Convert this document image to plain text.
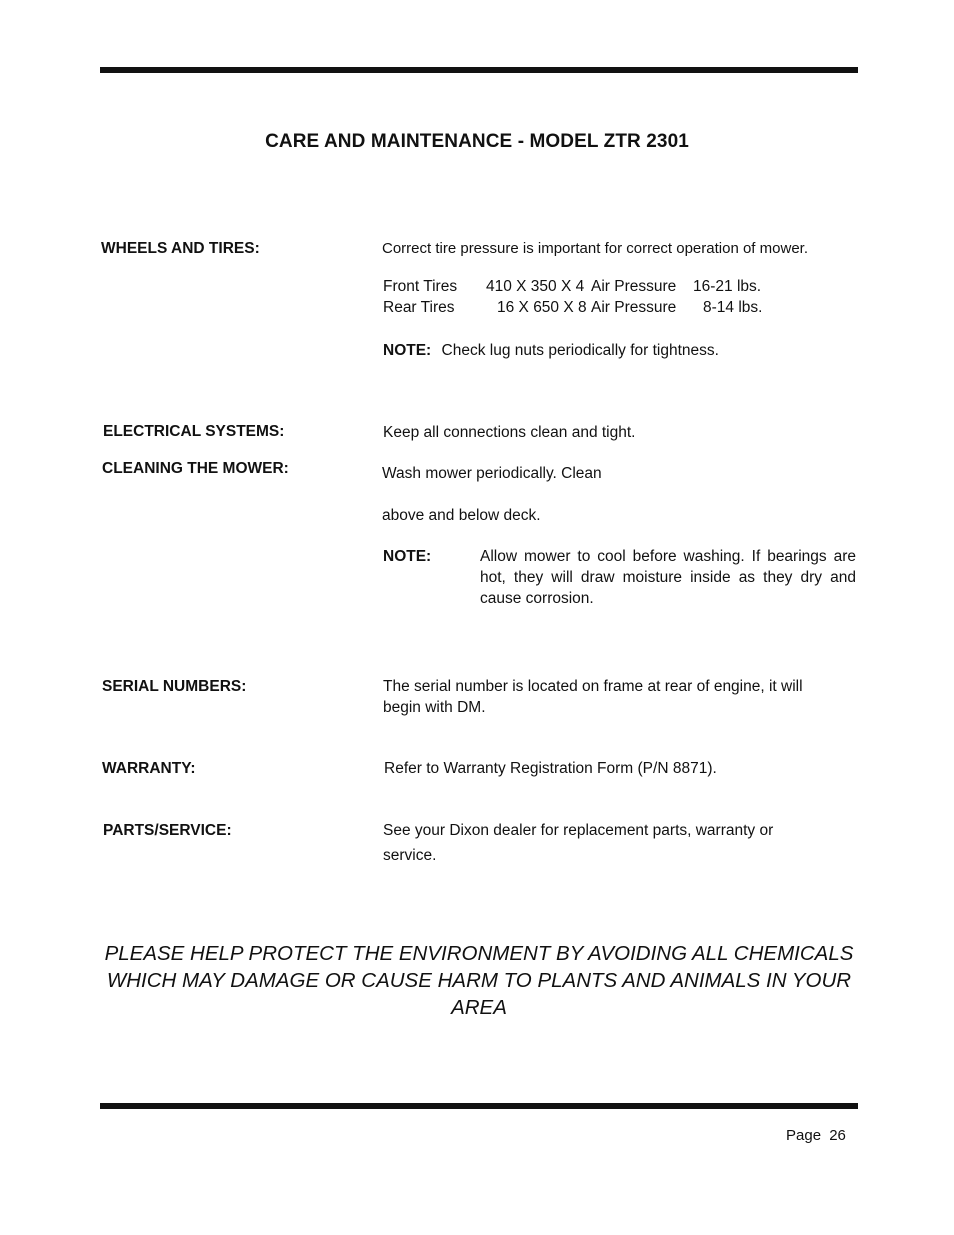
CARE AND MAINTENANCE - MODEL ZTR 2301
WHEELS AND TIRES:	Correct tire pressure is important for correct operation of mower.
Front Tires 410 X 350 X 4 Air Pressure 16-21 lbs.
Rear Tires	16 X 650 X 8 Air Pressure 8-14 lbs.
NOTE: Check lug nuts periodically for tightness.
ELECTRICAL SYSTEMS:	Keep all connections clean and tight.
CLEANING THE MOWER:	Wash mower periodically. Clean
above and below deck.
NOTE:	Allow mower to cool before washing. If bearings are hot, they will draw moisture inside as they dry and cause corrosion.
SERIAL NUMBERS:	The serial number is located on frame at rear of engine, it will begin with DM.
WARRANTY:	Refer to Warranty Registration Form (P/N 8871).
PARTS/SERVICE:	See your Dixon dealer for replacement parts, warranty or
service.
PLEASE HELP PROTECT THE ENVIRONMENT BY AVOIDING ALL CHEMICALS WHICH MAY DAMAGE OR CAUSE HARM TO PLANTS AND ANIMALS IN YOUR AREA
Page 26
